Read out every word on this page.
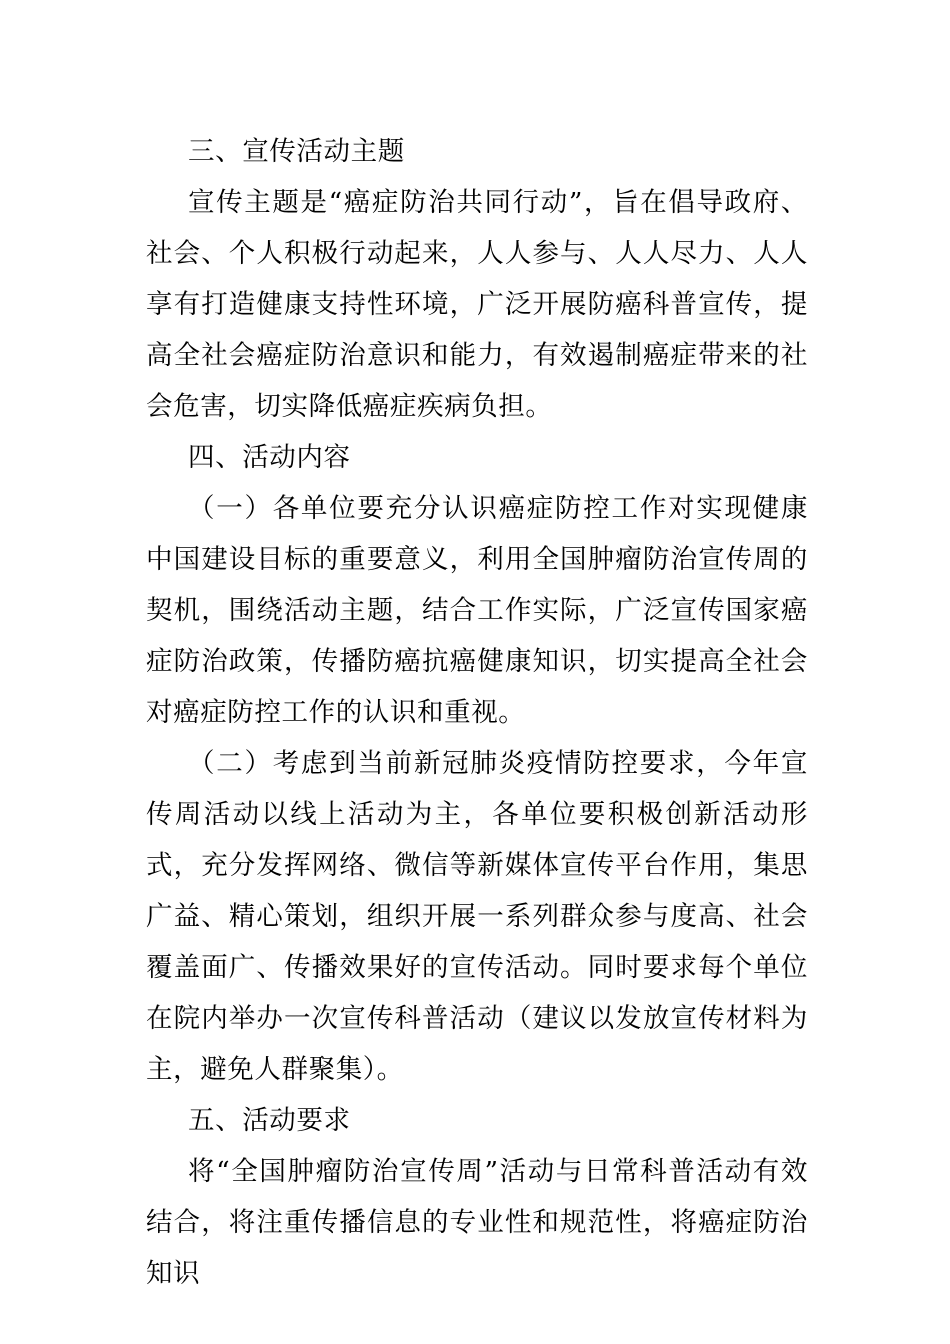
三、宣传活动主题

宣传主题是“癌症防治共同行动”，旨在倡导政府、社会、个人积极行动起来，人人参与、人人尽力、人人享有打造健康支持性环境，广泛开展防癌科普宣传，提高全社会癌症防治意识和能力，有效遏制癌症带来的社会危害，切实降低癌症疾病负担。

四、活动内容

（一）各单位要充分认识癌症防控工作对实现健康中国建设目标的重要意义，利用全国肿瘤防治宣传周的契机，围绕活动主题，结合工作实际，广泛宣传国家癌症防治政策，传播防癌抗癌健康知识，切实提高全社会对癌症防控工作的认识和重视。

（二）考虑到当前新冠肺炎疫情防控要求，今年宣传周活动以线上活动为主，各单位要积极创新活动形式，充分发挥网络、微信等新媒体宣传平台作用，集思广益、精心策划，组织开展一系列群众参与度高、社会覆盖面广、传播效果好的宣传活动。同时要求每个单位在院内举办一次宣传科普活动（建议以发放宣传材料为主，避免人群聚集）。

五、活动要求

将“全国肿瘤防治宣传周”活动与日常科普活动有效结合，将注重传播信息的专业性和规范性，将癌症防治知识
